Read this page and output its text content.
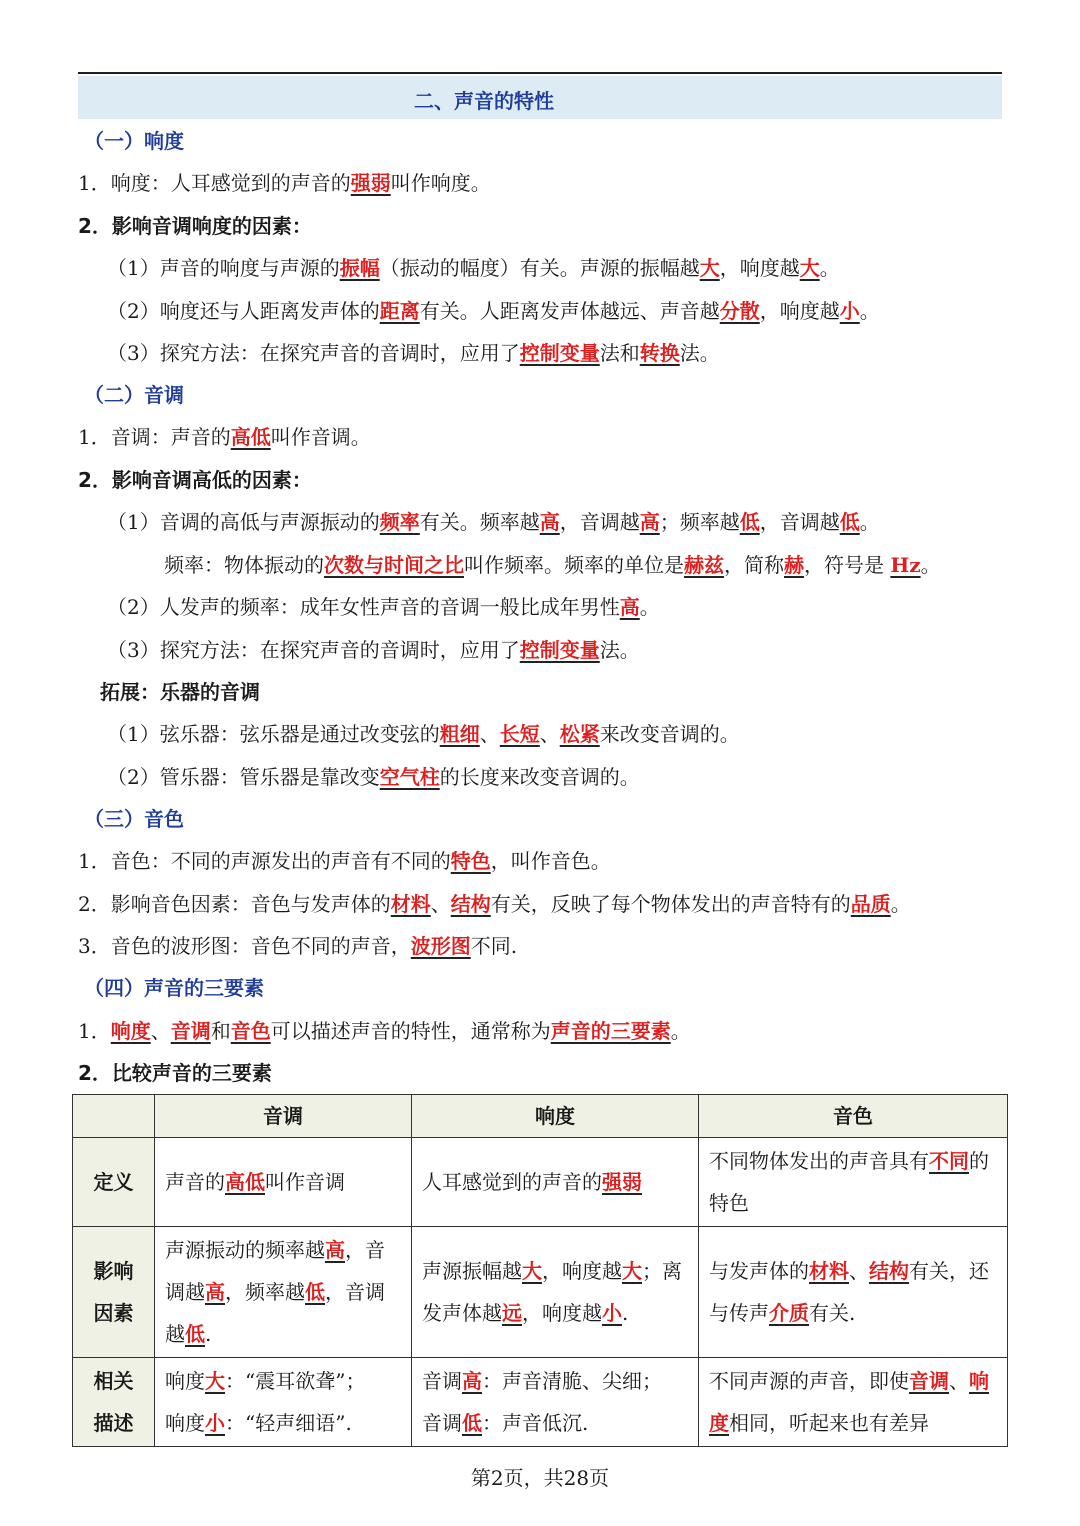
二、声音的特性
（一）响度
1．响度：人耳感觉到的声音的强弱叫作响度。
2．影响音调响度的因素：
（1）声音的响度与声源的振幅（振动的幅度）有关。声源的振幅越大，响度越大。
（2）响度还与人距离发声体的距离有关。人距离发声体越远、声音越分散，响度越小。
（3）探究方法：在探究声音的音调时，应用了控制变量法和转换法。
（二）音调
1．音调：声音的高低叫作音调。
2．影响音调高低的因素：
（1）音调的高低与声源振动的频率有关。频率越高，音调越高；频率越低，音调越低。
频率：物体振动的次数与时间之比叫作频率。频率的单位是赫兹，简称赫，符号是 Hz。
（2）人发声的频率：成年女性声音的音调一般比成年男性高。
（3）探究方法：在探究声音的音调时，应用了控制变量法。
拓展：乐器的音调
（1）弦乐器：弦乐器是通过改变弦的粗细、长短、松紧来改变音调的。
（2）管乐器：管乐器是靠改变空气柱的长度来改变音调的。
（三）音色
1．音色：不同的声源发出的声音有不同的特色，叫作音色。
2．影响音色因素：音色与发声体的材料、结构有关，反映了每个物体发出的声音特有的品质。
3．音色的波形图：音色不同的声音，波形图不同.
（四）声音的三要素
1．响度、音调和音色可以描述声音的特性，通常称为声音的三要素。
2．比较声音的三要素
	音调	响度	音色
定义	声音的高低叫作音调	人耳感觉到的声音的强弱	不同物体发出的声音具有不同的特色
影响
因素	声源振动的频率越高，音调越高，频率越低，音调越低.	声源振幅越大，响度越大；离发声体越远，响度越小.	与发声体的材料、结构有关，还与传声介质有关.
相关
描述	响度大：“震耳欲聋”；
响度小：“轻声细语”.	音调高：声音清脆、尖细；
音调低：声音低沉.	不同声源的声音，即使音调、响度相同，听起来也有差异
第2页，共28页
